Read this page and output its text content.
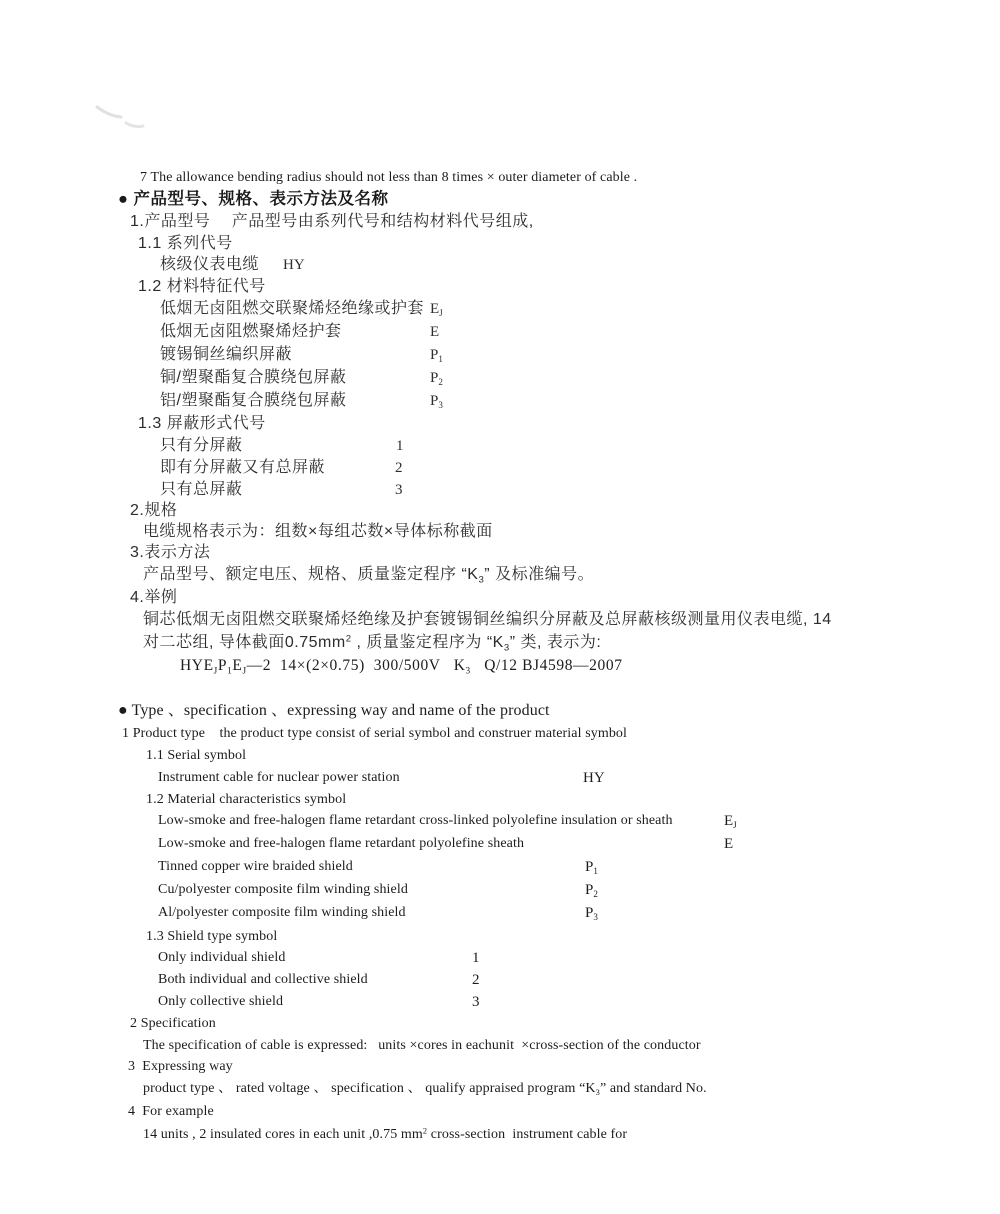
7 The allowance bending radius should not less than 8 times × outer diameter of cable .
● 产品型号、规格、表示方法及名称
1.产品型号　 产品型号由系列代号和结构材料代号组成,
1.1 系列代号
核级仪表电缆 HY
1.2 材料特征代号
低烟无卤阻燃交联聚烯烃绝缘或护套 $E_J$
低烟无卤阻燃聚烯烃护套	E
镀锡铜丝编织屏蔽	$P_1$
铜/塑聚酯复合膜绕包屏蔽	$P_2$
铝/塑聚酯复合膜绕包屏蔽	$P_3$
1.3 屏蔽形式代号
只有分屏蔽	1
即有分屏蔽又有总屏蔽	2
只有总屏蔽	3
2.规格
电缆规格表示为：组数×每组芯数×导体标称截面
3.表示方法
产品型号、额定电压、规格、质量鉴定程序 “$K_3$” 及标准编号。
4.举例
铜芯低烟无卤阻燃交联聚烯烃绝缘及护套镀锡铜丝编织分屏蔽及总屏蔽核级测量用仪表电缆, 14
对二芯组, 导体截面$0.75mm^2$ , 质量鉴定程序为 “$K_3$” 类, 表示为:
$HYE_JP_1E_J—2$  14×(2×0.75)  300/500V   $K_3$   Q/12 BJ4598—2007
● Type 、specification 、expressing way and name of the product
1 Product type    the product type consist of serial symbol and construer material symbol
1.1 Serial symbol
Instrument cable for nuclear power station	HY
1.2 Material characteristics symbol
Low-smoke and free-halogen flame retardant cross-linked polyolefine insulation or sheath	$E_J$
Low-smoke and free-halogen flame retardant polyolefine sheath	E
Tinned copper wire braided shield	$P_1$
Cu/polyester composite film winding shield	$P_2$
Al/polyester composite film winding shield	$P_3$
1.3 Shield type symbol
Only individual shield	1
Both individual and collective shield	2
Only collective shield	3
2 Specification
The specification of cable is expressed:   units ×cores in eachunit  ×cross-section of the conductor
3  Expressing way
product type 、 rated voltage 、 specification 、 qualify appraised program “$K_3$” and standard No.
4  For example
14 units , 2 insulated cores in each unit ,0.75 $mm^2$ cross-section  instrument cable for
